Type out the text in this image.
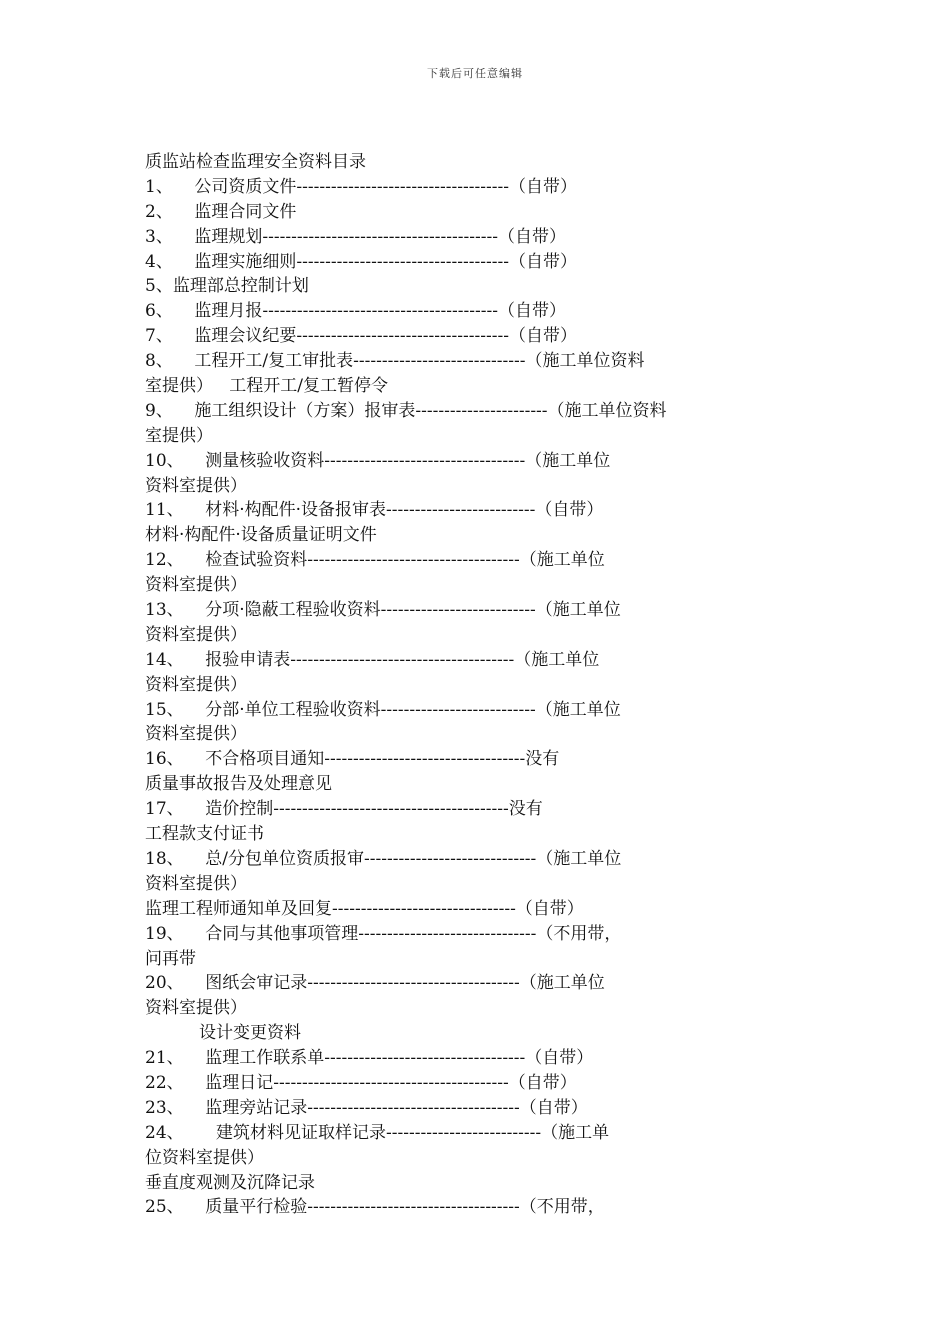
下载后可任意编辑
质监站检查监理安全资料目录
1、    公司资质文件-------------------------------------（自带）
2、    监理合同文件
3、    监理规划-----------------------------------------（自带）
4、    监理实施细则-------------------------------------（自带）
5、监理部总控制计划
6、    监理月报-----------------------------------------（自带）
7、    监理会议纪要-------------------------------------（自带）
8、    工程开工/复工审批表------------------------------（施工单位资料
室提供）   工程开工/复工暂停令
9、    施工组织设计（方案）报审表-----------------------（施工单位资料
室提供）
10、    测量核验收资料-----------------------------------（施工单位
资料室提供）
11、    材料·构配件·设备报审表--------------------------（自带）
材料·构配件·设备质量证明文件
12、    检查试验资料-------------------------------------（施工单位
资料室提供）
13、    分项·隐蔽工程验收资料---------------------------（施工单位
资料室提供）
14、    报验申请表---------------------------------------（施工单位
资料室提供）
15、    分部·单位工程验收资料---------------------------（施工单位
资料室提供）
16、    不合格项目通知-----------------------------------没有
质量事故报告及处理意见
17、    造价控制-----------------------------------------没有
工程款支付证书
18、    总/分包单位资质报审------------------------------（施工单位
资料室提供）
监理工程师通知单及回复--------------------------------（自带）
19、    合同与其他事项管理-------------------------------（不用带，
问再带
20、    图纸会审记录-------------------------------------（施工单位
资料室提供）
设计变更资料
21、    监理工作联系单-----------------------------------（自带）
22、    监理日记-----------------------------------------（自带）
23、    监理旁站记录-------------------------------------（自带）
24、      建筑材料见证取样记录---------------------------（施工单
位资料室提供）
垂直度观测及沉降记录
25、    质量平行检验-------------------------------------（不用带，
